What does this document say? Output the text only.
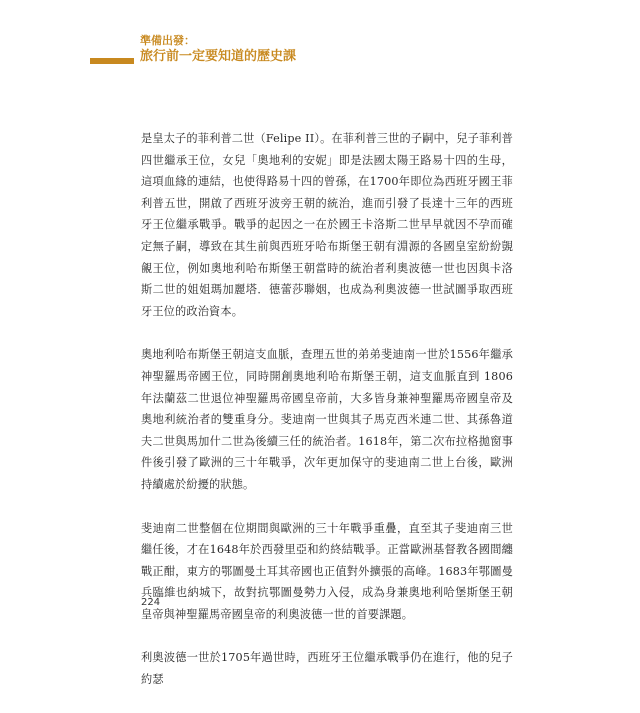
準備出發：
旅行前一定要知道的歷史課

是皇太子的菲利普二世（Felipe II）。在菲利普三世的子嗣中，兒子菲利普四世繼承王位，女兒「奧地利的安妮」即是法國太陽王路易十四的生母，這項血緣的連結，也使得路易十四的曾孫，在1700年即位為西班牙國王菲利普五世，開啟了西班牙波旁王朝的統治，進而引發了長達十三年的西班牙王位繼承戰爭。戰爭的起因之一在於國王卡洛斯二世早早就因不孕而確定無子嗣，導致在其生前與西班牙哈布斯堡王朝有淵源的各國皇室紛紛覬覦王位，例如奧地利哈布斯堡王朝當時的統治者利奧波德一世也因與卡洛斯二世的姐姐瑪加麗塔．德蕾莎聯姻，也成為利奧波德一世試圖爭取西班牙王位的政治資本。

奧地利哈布斯堡王朝這支血脈，查理五世的弟弟斐迪南一世於1556年繼承神聖羅馬帝國王位，同時開創奧地利哈布斯堡王朝，這支血脈直到 1806年法蘭茲二世退位神聖羅馬帝國皇帝前，大多皆身兼神聖羅馬帝國皇帝及奧地利統治者的雙重身分。斐迪南一世與其子馬克西米連二世、其孫魯道夫二世與馬加什二世為後續三任的統治者。1618年，第二次布拉格拋窗事件後引發了歐洲的三十年戰爭，次年更加保守的斐迪南二世上台後，歐洲持續處於紛擾的狀態。

斐迪南二世整個在位期間與歐洲的三十年戰爭重疊，直至其子斐迪南三世繼任後，才在1648年於西發里亞和約終結戰爭。正當歐洲基督教各國間纏戰正酣，東方的鄂圖曼土耳其帝國也正值對外擴張的高峰。1683年鄂圖曼兵臨維也納城下，故對抗鄂圖曼勢力入侵，成為身兼奧地利哈堡斯堡王朝皇帝與神聖羅馬帝國皇帝的利奧波德一世的首要課題。

利奧波德一世於1705年過世時，西班牙王位繼承戰爭仍在進行，他的兒子約瑟

224
